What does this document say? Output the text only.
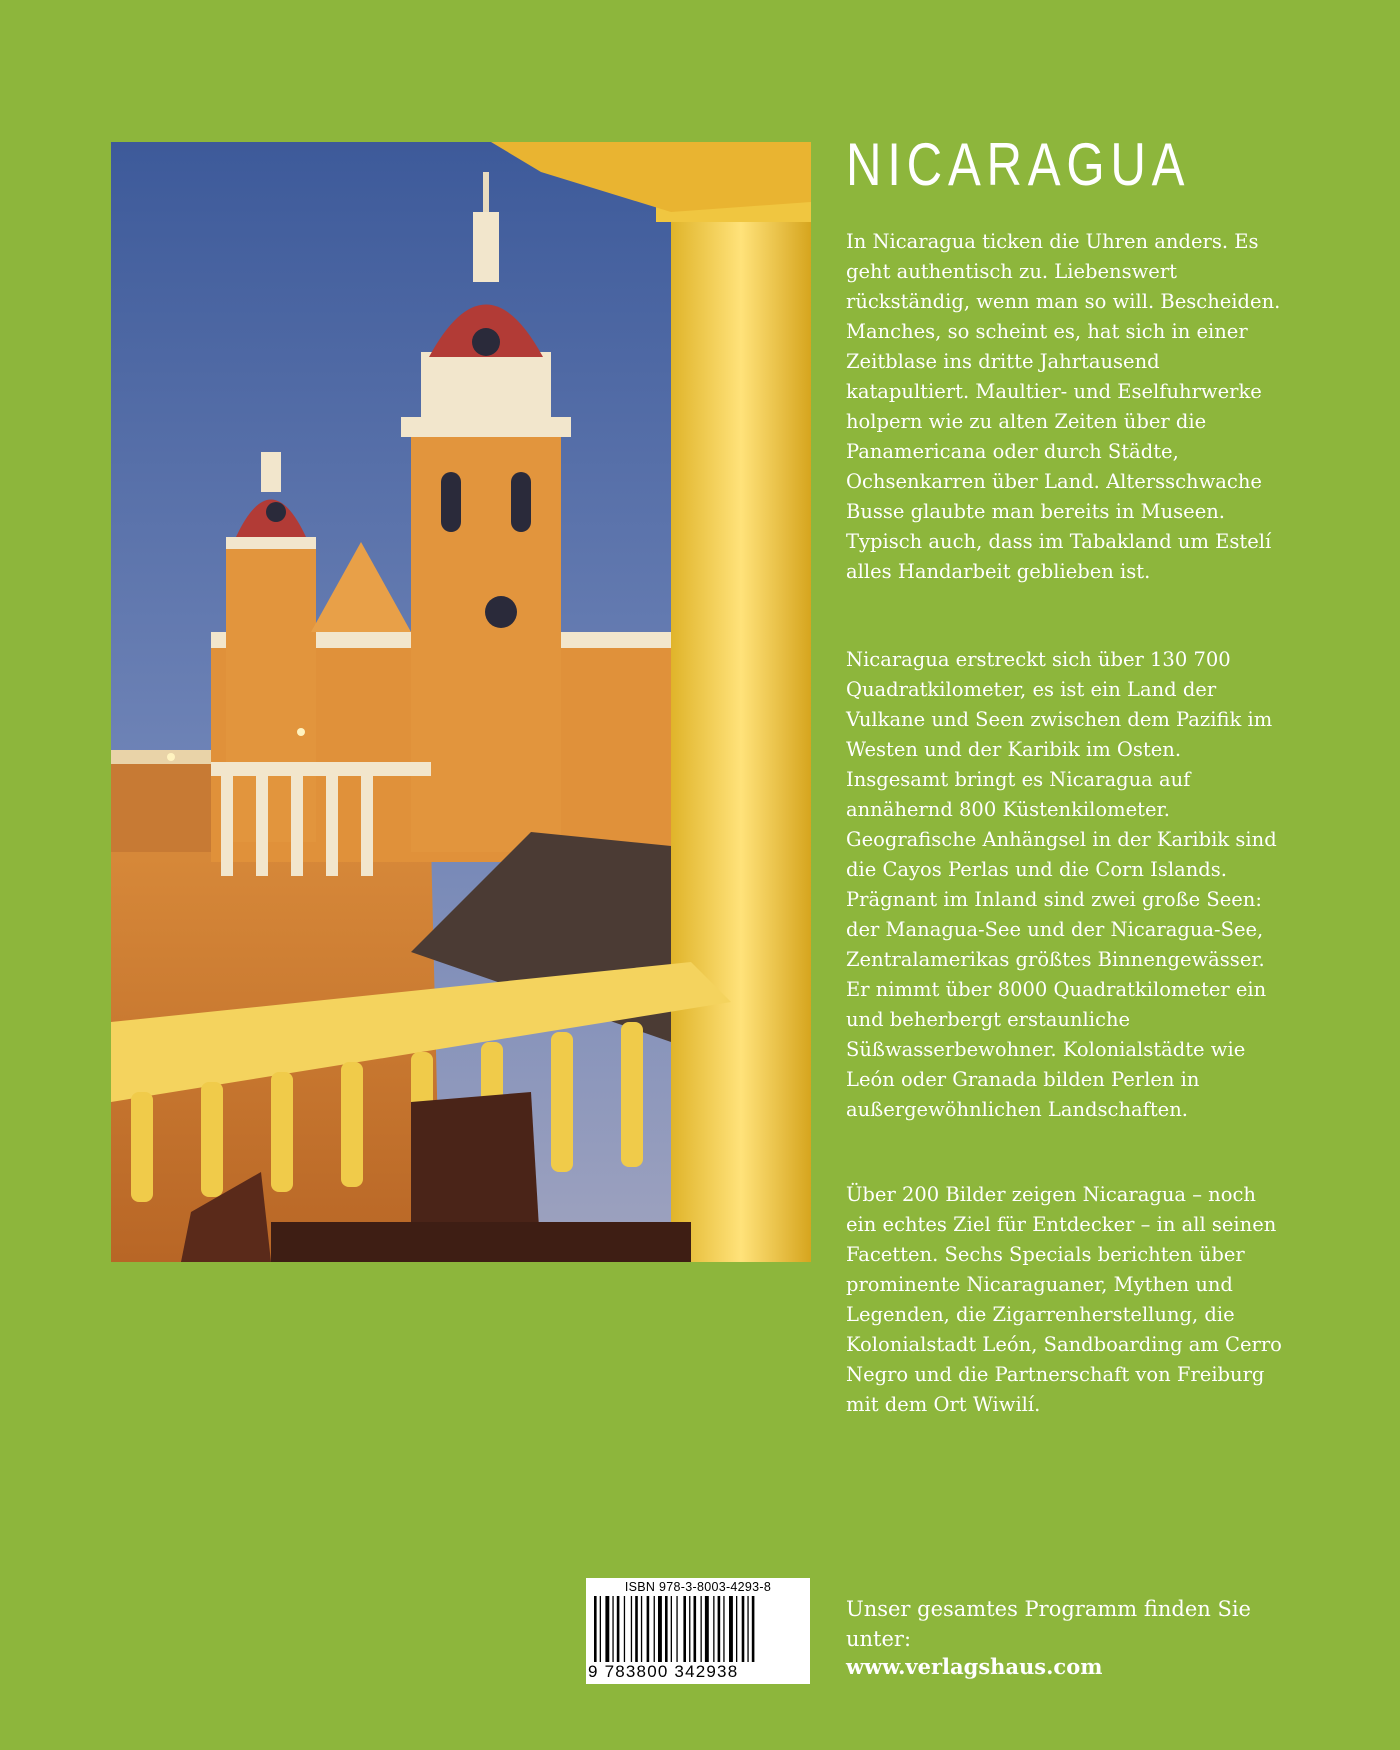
NICARAGUA

In Nicaragua ticken die Uhren anders. Es geht authentisch zu. Liebenswert rückständig, wenn man so will. Bescheiden. Manches, so scheint es, hat sich in einer Zeitblase ins dritte Jahrtausend katapultiert. Maultier- und Eselfuhrwerke holpern wie zu alten Zeiten über die Panamericana oder durch Städte, Ochsenkarren über Land. Altersschwache Busse glaubte man bereits in Museen. Typisch auch, dass im Tabakland um Estelí alles Handarbeit geblieben ist.

Nicaragua erstreckt sich über 130 700 Quadratkilometer, es ist ein Land der Vulkane und Seen zwischen dem Pazifik im Westen und der Karibik im Osten. Insgesamt bringt es Nicaragua auf annähernd 800 Küstenkilometer. Geografische Anhängsel in der Karibik sind die Cayos Perlas und die Corn Islands. Prägnant im Inland sind zwei große Seen: der Managua-See und der Nicaragua-See, Zentralamerikas größtes Binnengewässer. Er nimmt über 8000 Quadratkilometer ein und beherbergt erstaunliche Süßwasserbewohner. Kolonialstädte wie León oder Granada bilden Perlen in außergewöhnlichen Landschaften.

Über 200 Bilder zeigen Nicaragua – noch ein echtes Ziel für Entdecker – in all seinen Facetten. Sechs Specials berichten über prominente Nicaraguaner, Mythen und Legenden, die Zigarrenherstellung, die Kolonialstadt León, Sandboarding am Cerro Negro und die Partnerschaft von Freiburg mit dem Ort Wiwilí.

ISBN 978-3-8003-4293-8
9 783800 342938

Unser gesamtes Programm finden Sie unter:

www.verlagshaus.com
